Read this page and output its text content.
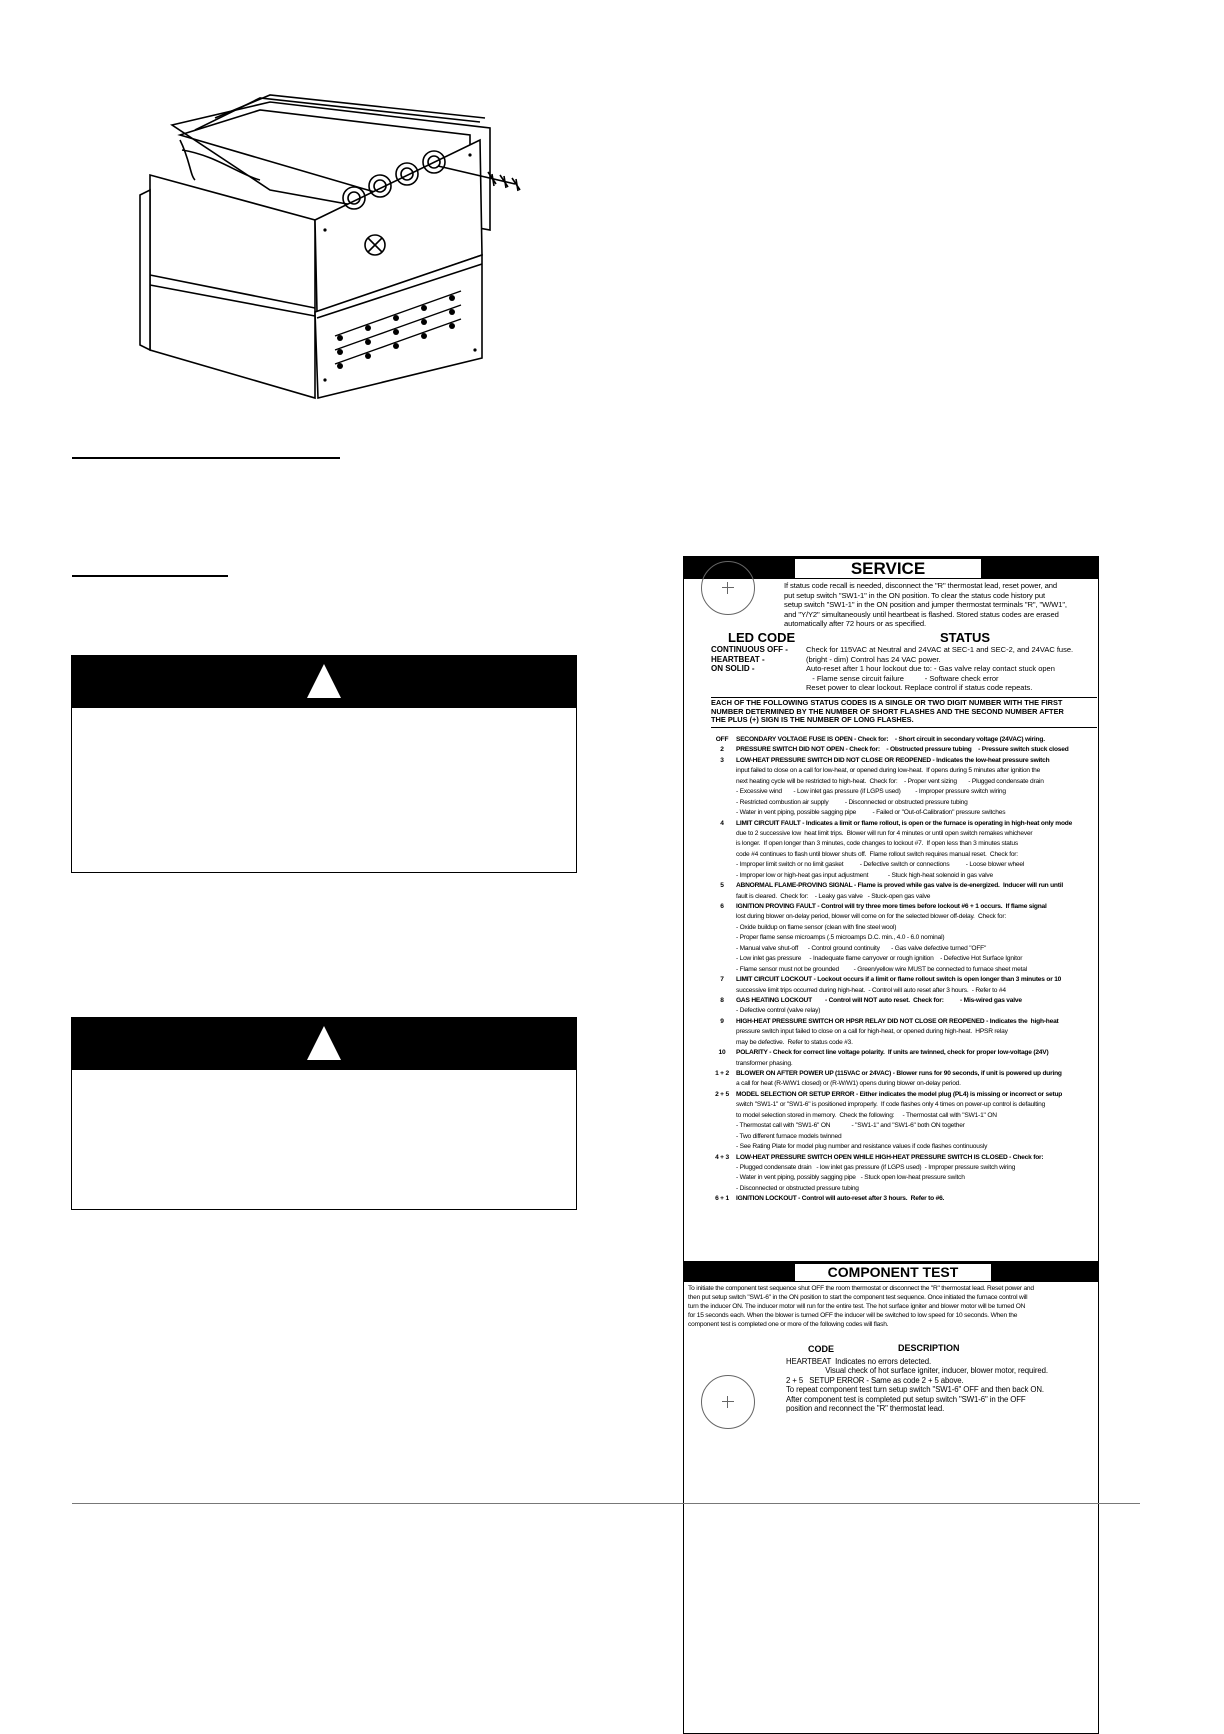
SERVICE
If status code recall is needed, disconnect the "R" thermostat lead, reset power, and
put setup switch "SW1-1" in the ON position. To clear the status code history put
setup switch "SW1-1" in the ON position and jumper thermostat terminals "R", "W/W1",
and "Y/Y2" simultaneously until heartbeat is flashed. Stored status codes are erased
automatically after 72 hours or as specified.
LED CODE	STATUS
CONTINUOUS OFF - Check for 115VAC at Neutral and 24VAC at SEC-1 and SEC-2, and 24VAC fuse.
HEARTBEAT -	(bright - dim) Control has 24 VAC power.
ON SOLID -	Auto-reset after 1 hour lockout due to: - Gas valve relay contact stuck open
- Flame sense circuit failure          - Software check error
Reset power to clear lockout. Replace control if status code repeats.
EACH OF THE FOLLOWING STATUS CODES IS A SINGLE OR TWO DIGIT NUMBER WITH THE FIRST
NUMBER DETERMINED BY THE NUMBER OF SHORT FLASHES AND THE SECOND NUMBER AFTER
THE PLUS (+) SIGN IS THE NUMBER OF LONG FLASHES.
OFF	SECONDARY VOLTAGE FUSE IS OPEN - Check for:    - Short circuit in secondary voltage (24VAC) wiring.
2	PRESSURE SWITCH DID NOT OPEN - Check for:    - Obstructed pressure tubing    - Pressure switch stuck closed
3	LOW-HEAT PRESSURE SWITCH DID NOT CLOSE OR REOPENED - Indicates the low-heat pressure switch
input failed to close on a call for low-heat, or opened during low-heat.  If opens during 5 minutes after ignition the
next heating cycle will be restricted to high-heat.  Check for:    - Proper vent sizing       - Plugged condensate drain
- Excessive wind       - Low inlet gas pressure (if LGPS used)         - Improper pressure switch wiring
- Restricted combustion air supply          - Disconnected or obstructed pressure tubing
- Water in vent piping, possible sagging pipe          - Failed or "Out-of-Calibration" pressure switches
4	LIMIT CIRCUIT FAULT - Indicates a limit or flame rollout, is open or the furnace is operating in high-heat only mode
due to 2 successive low  heat limit trips.  Blower will run for 4 minutes or until open switch remakes whichever
is longer.  If open longer than 3 minutes, code changes to lockout #7.  If open less than 3 minutes status
code #4 continues to flash until blower shuts off.  Flame rollout switch requires manual reset.  Check for:
- Improper limit switch or no limit gasket          - Defective switch or connections          - Loose blower wheel
- Improper low or high-heat gas input adjustment            - Stuck high-heat solenoid in gas valve
5	ABNORMAL FLAME-PROVING SIGNAL - Flame is proved while gas valve is de-energized.  Inducer will run until
fault is cleared.  Check for:    - Leaky gas valve   - Stuck-open gas valve
6	IGNITION PROVING FAULT - Control will try three more times before lockout #6 + 1 occurs.  If flame signal
lost during blower on-delay period, blower will come on for the selected blower off-delay.  Check for:
- Oxide buildup on flame sensor (clean with fine steel wool)
- Proper flame sense microamps (.5 microamps D.C. min., 4.0 - 6.0 nominal)
- Manual valve shut-off      - Control ground continuity       - Gas valve defective turned "OFF"
- Low inlet gas pressure     - Inadequate flame carryover or rough ignition    - Defective Hot Surface Ignitor
- Flame sensor must not be grounded         - Green/yellow wire MUST be connected to furnace sheet metal
7	LIMIT CIRCUIT LOCKOUT - Lockout occurs if a limit or flame rollout switch is open longer than 3 minutes or 10
successive limit trips occurred during high-heat.  - Control will auto reset after 3 hours.  - Refer to #4
8	GAS HEATING LOCKOUT        - Control will NOT auto reset.  Check for:          - Mis-wired gas valve
- Defective control (valve relay)
9	HIGH-HEAT PRESSURE SWITCH OR HPSR RELAY DID NOT CLOSE OR REOPENED - Indicates the  high-heat
pressure switch input failed to close on a call for high-heat, or opened during high-heat.  HPSR relay
may be defective.  Refer to status code #3.
10	POLARITY - Check for correct line voltage polarity.  If units are twinned, check for proper low-voltage (24V)
transformer phasing.
1 + 2	BLOWER ON AFTER POWER UP (115VAC or 24VAC) - Blower runs for 90 seconds, if unit is powered up during
a call for heat (R-W/W1 closed) or (R-W/W1) opens during blower on-delay period.
2 + 5	MODEL SELECTION OR SETUP ERROR - Either indicates the model plug (PL4) is missing or incorrect or setup
switch "SW1-1" or "SW1-6" is positioned improperly.  If code flashes only 4 times on power-up control is defaulting
to model selection stored in memory.  Check the following:     - Thermostat call with "SW1-1" ON
- Thermostat call with "SW1-6" ON             - "SW1-1" and "SW1-6" both ON together
- Two different furnace models twinned
- See Rating Plate for model plug number and resistance values if code flashes continuously
4 + 3	LOW-HEAT PRESSURE SWITCH OPEN WHILE HIGH-HEAT PRESSURE SWITCH IS CLOSED - Check for:
- Plugged condensate drain   - low inlet gas pressure (if LGPS used)  - Improper pressure switch wiring
- Water in vent piping, possibly sagging pipe   - Stuck open low-heat pressure switch
- Disconnected or obstructed pressure tubing
6 + 1	IGNITION LOCKOUT - Control will auto-reset after 3 hours.  Refer to #6.
COMPONENT TEST
To initiate the component test sequence shut OFF the room thermostat or disconnect the "R" thermostat lead. Reset power and
then put setup switch "SW1-6" in the ON position to start the component test sequence. Once initiated the furnace control will
turn the inducer ON. The inducer motor will run for the entire test. The hot surface igniter and blower motor will be turned ON
for 15 seconds each. When the blower is turned OFF the inducer will be switched to low speed for 10 seconds. When the
component test is completed one or more of the following codes will flash.
CODE	DESCRIPTION
HEARTBEAT  Indicates no errors detected.
Visual check of hot surface igniter, inducer, blower motor, required.
2 + 5   SETUP ERROR - Same as code 2 + 5 above.
To repeat component test turn setup switch "SW1-6" OFF and then back ON.
After component test is completed put setup switch "SW1-6" in the OFF
position and reconnect the "R" thermostat lead.
